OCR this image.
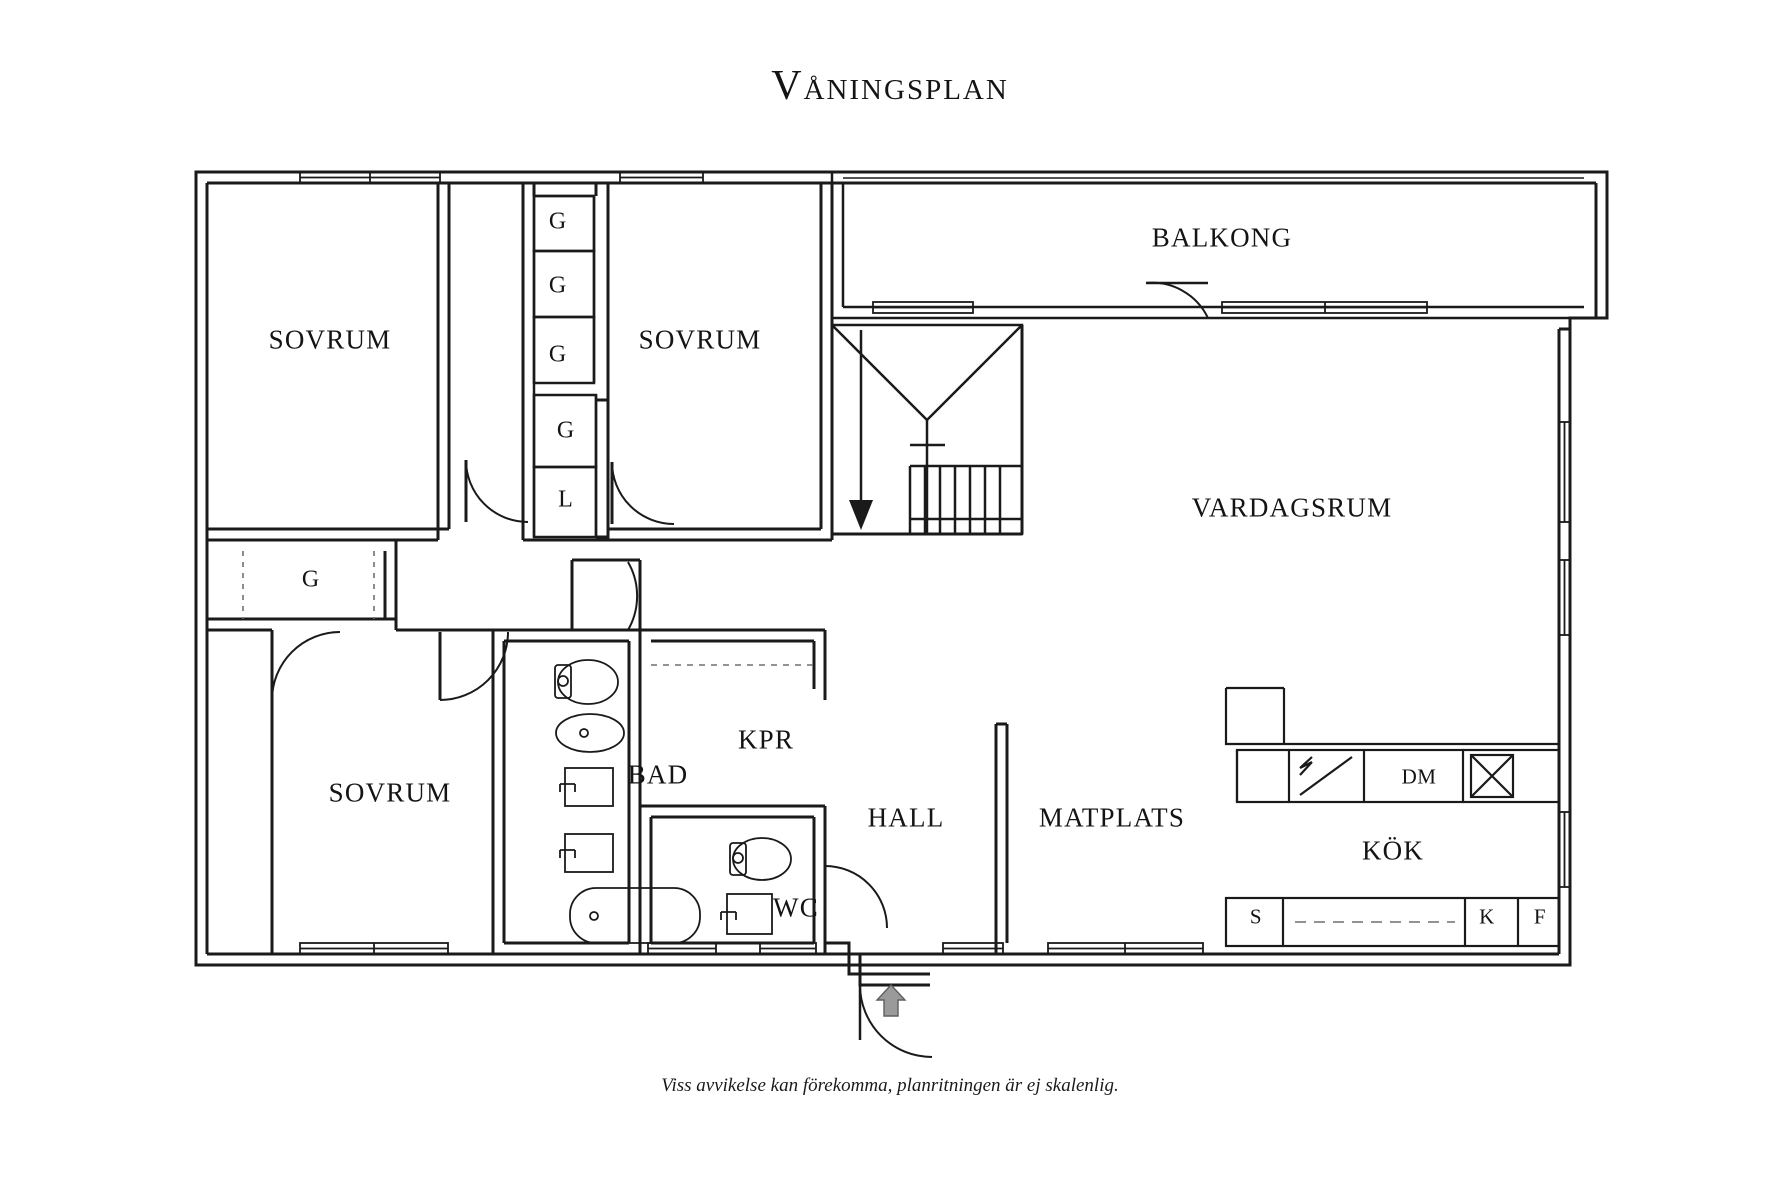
Våningsplan
SOVRUM	SOVRUM
SOVRUM
BAD
WC
KPR
HALL	MATPLATS
KÖK
VARDAGSRUM
BALKONG
G
G
G
G
L
G
DM
S	K F
Viss avvikelse kan förekomma, planritningen är ej skalenlig.
